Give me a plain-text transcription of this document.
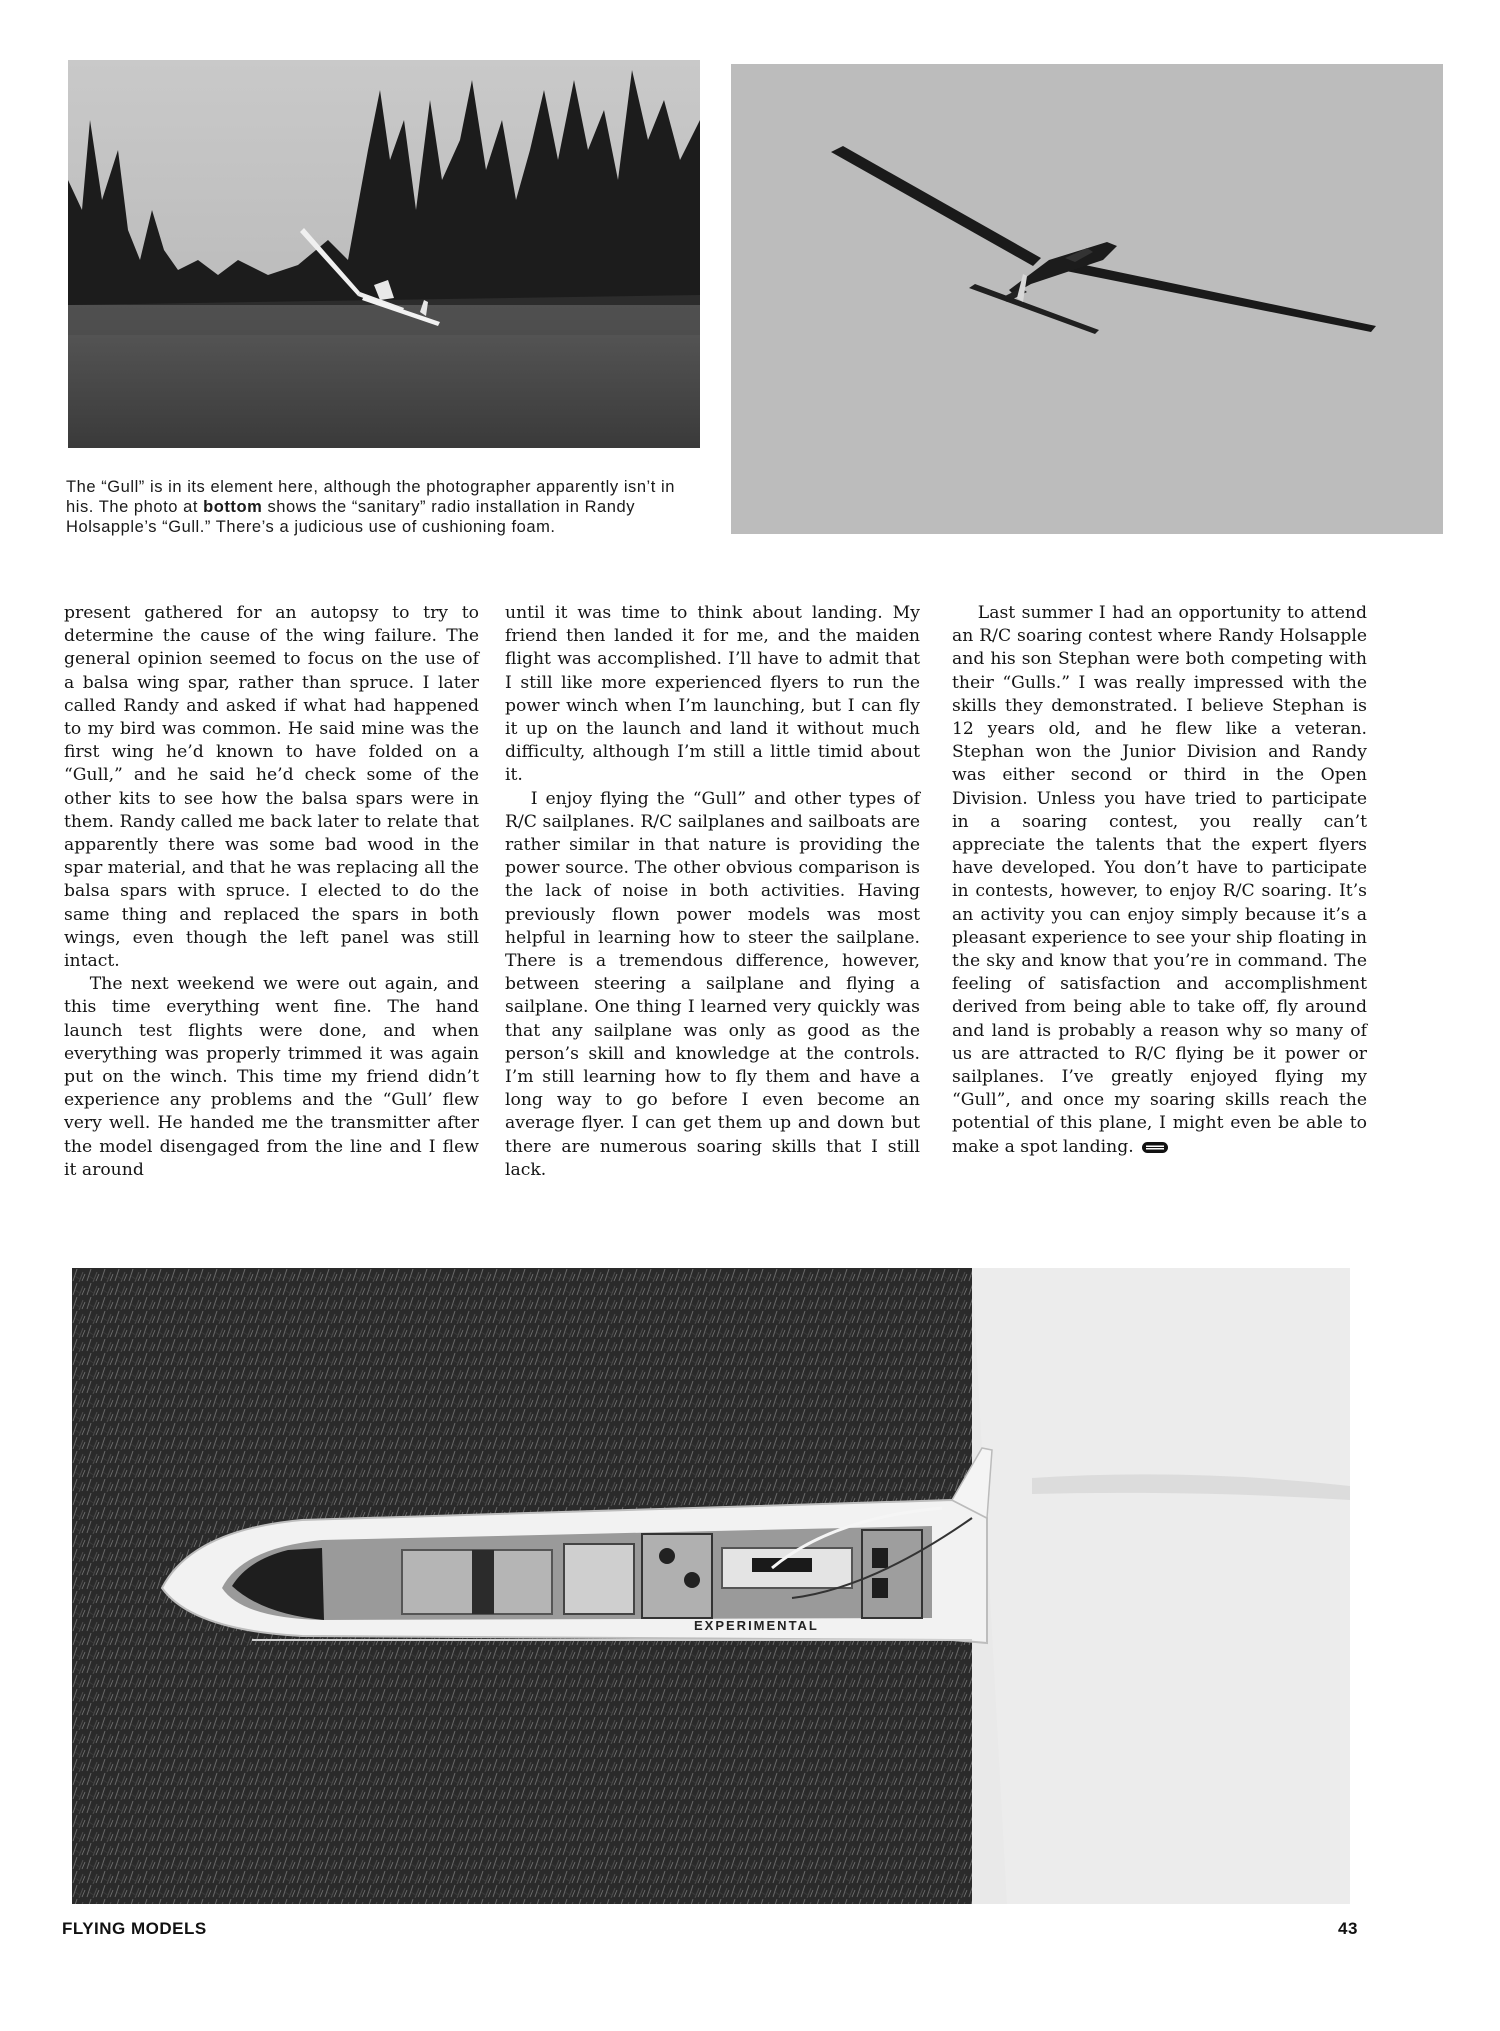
The “Gull” is in its element here, although the photographer apparently isn’t in his. The photo at bottom shows the “sanitary” radio installation in Randy Holsapple’s “Gull.” There’s a judicious use of cushioning foam.

present gathered for an autopsy to try to determine the cause of the wing failure. The general opinion seemed to focus on the use of a balsa wing spar, rather than spruce. I later called Randy and asked if what had happened to my bird was common. He said mine was the first wing he’d known to have folded on a “Gull,” and he said he’d check some of the other kits to see how the balsa spars were in them. Randy called me back later to relate that apparently there was some bad wood in the spar material, and that he was replacing all the balsa spars with spruce. I elected to do the same thing and replaced the spars in both wings, even though the left panel was still intact.

The next weekend we were out again, and this time everything went fine. The hand launch test flights were done, and when everything was properly trimmed it was again put on the winch. This time my friend didn’t experience any problems and the “Gull’ flew very well. He handed me the transmitter after the model disengaged from the line and I flew it around

until it was time to think about landing. My friend then landed it for me, and the maiden flight was accomplished. I’ll have to admit that I still like more experienced flyers to run the power winch when I’m launching, but I can fly it up on the launch and land it without much difficulty, although I’m still a little timid about it.

I enjoy flying the “Gull” and other types of R/C sailplanes. R/C sailplanes and sailboats are rather similar in that nature is providing the power source. The other obvious comparison is the lack of noise in both activities. Having previously flown power models was most helpful in learning how to steer the sailplane. There is a tremendous difference, however, between steering a sailplane and flying a sailplane. One thing I learned very quickly was that any sailplane was only as good as the person’s skill and knowledge at the controls. I’m still learning how to fly them and have a long way to go before I even become an average flyer. I can get them up and down but there are numerous soaring skills that I still lack.

Last summer I had an opportunity to attend an R/C soaring contest where Randy Holsapple and his son Stephan were both competing with their “Gulls.” I was really impressed with the skills they demonstrated. I believe Stephan is 12 years old, and he flew like a veteran. Stephan won the Junior Division and Randy was either second or third in the Open Division. Unless you have tried to participate in a soaring contest, you really can’t appreciate the talents that the expert flyers have developed. You don’t have to participate in contests, however, to enjoy R/C soaring. It’s an activity you can enjoy simply because it’s a pleasant experience to see your ship floating in the sky and know that you’re in command. The feeling of satisfaction and accomplishment derived from being able to take off, fly around and land is probably a reason why so many of us are attracted to R/C flying be it power or sailplanes. I’ve greatly enjoyed flying my “Gull”, and once my soaring skills reach the potential of this plane, I might even be able to make a spot landing.

EXPERIMENTAL
FLYING MODELS	43
